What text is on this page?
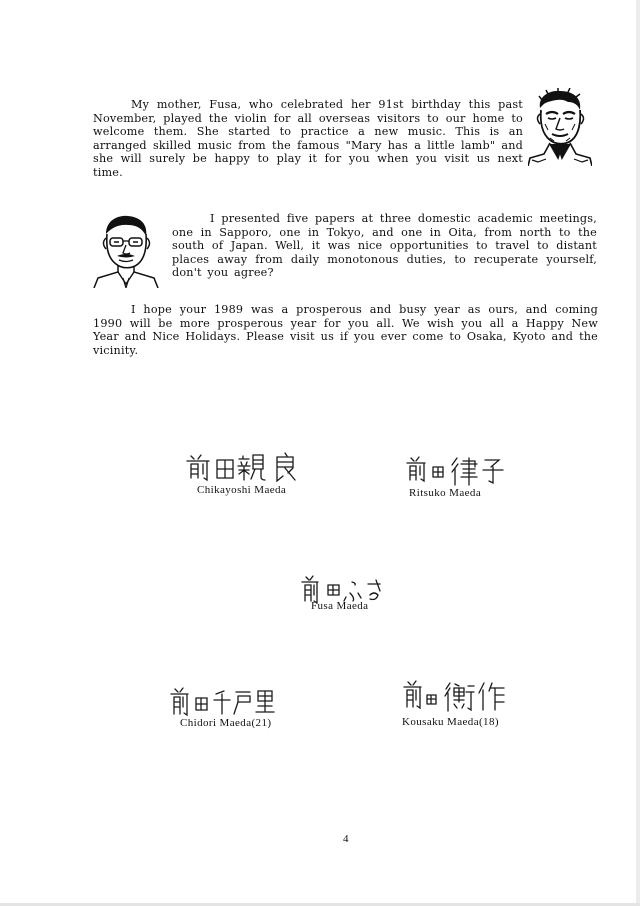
My mother, Fusa, who celebrated her 91st birthday this past November, played the violin for all overseas visitors to our home to welcome them. She started to practice a new music. This is an arranged skilled music from the famous "Mary has a little lamb" and she will surely be happy to play it for you when you visit us next time.

I presented five papers at three domestic academic meetings, one in Sapporo, one in Tokyo, and one in Oita, from north to the south of Japan. Well, it was nice opportunities to travel to distant places away from daily monotonous duties, to recuperate yourself, don't you agree?

I hope your 1989 was a prosperous and busy year as ours, and coming 1990 will be more prosperous year for you all. We wish you all a Happy New Year and Nice Holidays. Please visit us if you ever come to Osaka, Kyoto and the vicinity.

Chikayoshi Maeda	Ritsuko Maeda
Fusa Maeda
Chidori Maeda(21)	Kousaku Maeda(18)
4
